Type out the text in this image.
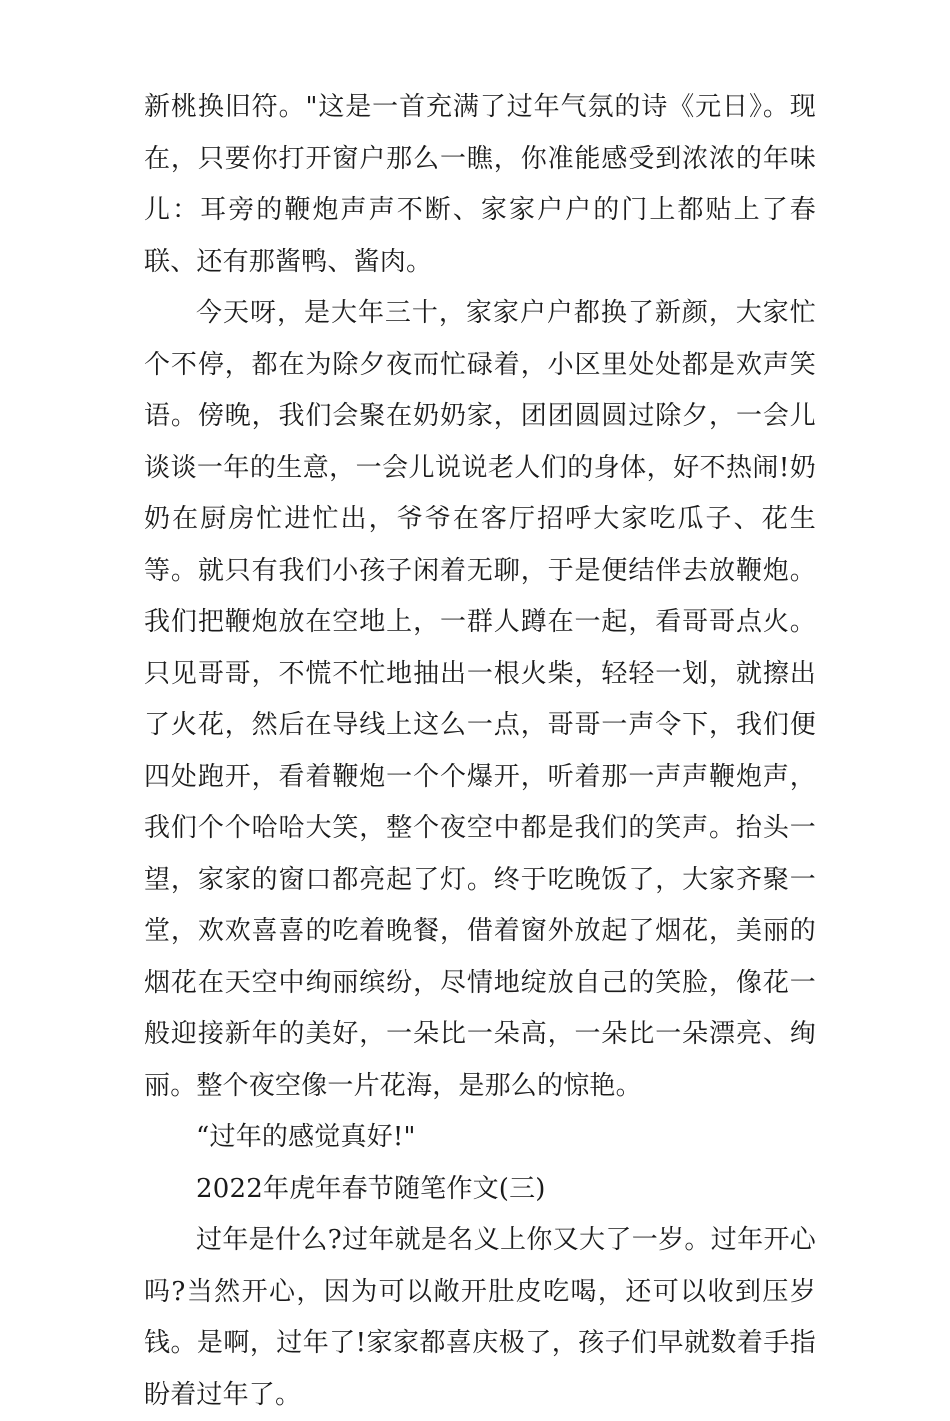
新桃换旧符。"这是一首充满了过年气氛的诗《元日》。现在，只要你打开窗户那么一瞧，你准能感受到浓浓的年味儿：耳旁的鞭炮声声不断、家家户户的门上都贴上了春联、还有那酱鸭、酱肉。

今天呀，是大年三十，家家户户都换了新颜，大家忙个不停，都在为除夕夜而忙碌着，小区里处处都是欢声笑语。傍晚，我们会聚在奶奶家，团团圆圆过除夕，一会儿谈谈一年的生意，一会儿说说老人们的身体，好不热闹!奶奶在厨房忙进忙出，爷爷在客厅招呼大家吃瓜子、花生等。就只有我们小孩子闲着无聊，于是便结伴去放鞭炮。我们把鞭炮放在空地上，一群人蹲在一起，看哥哥点火。只见哥哥，不慌不忙地抽出一根火柴，轻轻一划，就擦出了火花，然后在导线上这么一点，哥哥一声令下，我们便四处跑开，看着鞭炮一个个爆开，听着那一声声鞭炮声，我们个个哈哈大笑，整个夜空中都是我们的笑声。抬头一望，家家的窗口都亮起了灯。终于吃晚饭了，大家齐聚一堂，欢欢喜喜的吃着晚餐，借着窗外放起了烟花，美丽的烟花在天空中绚丽缤纷，尽情地绽放自己的笑脸，像花一般迎接新年的美好，一朵比一朵高，一朵比一朵漂亮、绚丽。整个夜空像一片花海，是那么的惊艳。

“过年的感觉真好!"

2022年虎年春节随笔作文(三)

过年是什么?过年就是名义上你又大了一岁。过年开心吗?当然开心，因为可以敞开肚皮吃喝，还可以收到压岁钱。是啊，过年了!家家都喜庆极了，孩子们早就数着手指盼着过年了。
